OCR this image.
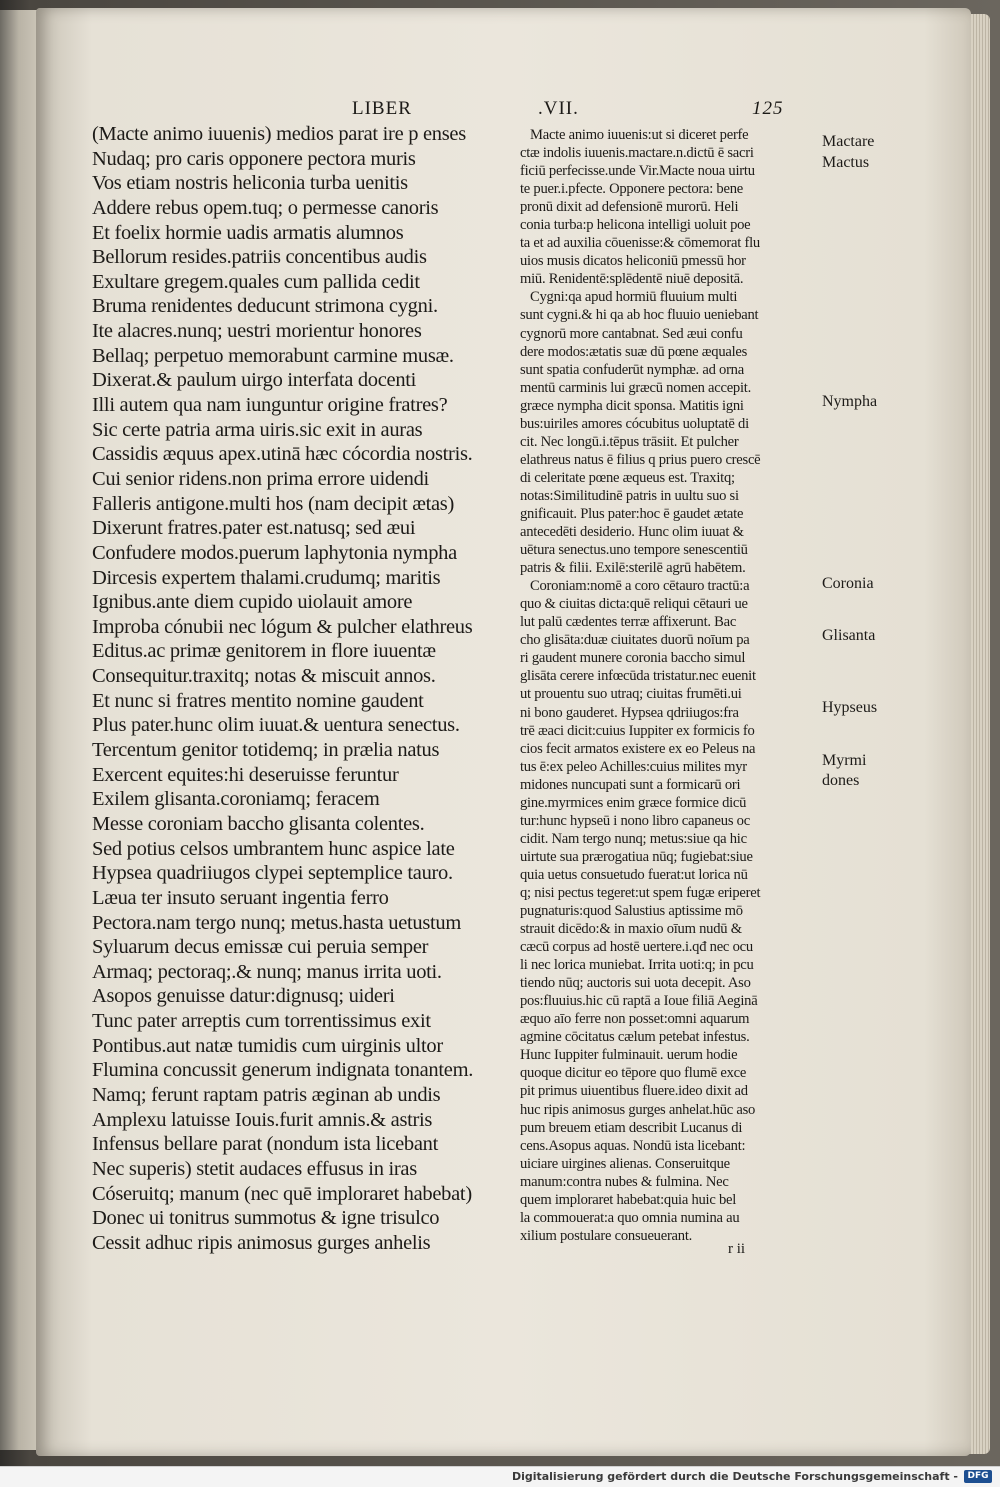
LIBER	.VII.	125
(Macte animo iuuenis) medios parat ire p enses
Nudaq; pro caris opponere pectora muris
Vos etiam nostris heliconia turba uenitis
Addere rebus opem.tuq; o permesse canoris
Et foelix hormie uadis armatis alumnos
Bellorum resides.patriis concentibus audis
Exultare gregem.quales cum pallida cedit
Bruma renidentes deducunt strimona cygni.
Ite alacres.nunq; uestri morientur honores
Bellaq; perpetuo memorabunt carmine musæ.
Dixerat.& paulum uirgo interfata docenti
Illi autem qua nam iunguntur origine fratres?
Sic certe patria arma uiris.sic exit in auras
Cassidis æquus apex.utinā hæc cócordia nostris.
Cui senior ridens.non prima errore uidendi
Falleris antigone.multi hos (nam decipit ætas)
Dixerunt fratres.pater est.natusq; sed æui
Confudere modos.puerum laphytonia nympha
Dircesis expertem thalami.crudumq; maritis
Ignibus.ante diem cupido uiolauit amore
Improba cónubii nec lógum & pulcher elathreus
Editus.ac primæ genitorem in flore iuuentæ
Consequitur.traxitq; notas & miscuit annos.
Et nunc si fratres mentito nomine gaudent
Plus pater.hunc olim iuuat.& uentura senectus.
Tercentum genitor totidemq; in prælia natus
Exercent equites:hi deseruisse feruntur
Exilem glisanta.coroniamq; feracem
Messe coroniam baccho glisanta colentes.
Sed potius celsos umbrantem hunc aspice late
Hypsea quadriiugos clypei septemplice tauro.
Læua ter insuto seruant ingentia ferro
Pectora.nam tergo nunq; metus.hasta uetustum
Syluarum decus emissæ cui peruia semper
Armaq; pectoraq;.& nunq; manus irrita uoti.
Asopos genuisse datur:dignusq; uideri
Tunc pater arreptis cum torrentissimus exit
Pontibus.aut natæ tumidis cum uirginis ultor
Flumina concussit generum indignata tonantem.
Namq; ferunt raptam patris æginan ab undis
Amplexu latuisse Iouis.furit amnis.& astris
Infensus bellare parat (nondum ista licebant
Nec superis) stetit audaces effusus in iras
Cóseruitq; manum (nec quē imploraret habebat)
Donec ui tonitrus summotus & igne trisulco
Cessit adhuc ripis animosus gurges anhelis
Macte animo iuuenis:ut si diceret perfe
ctæ indolis iuuenis.mactare.n.dictū ē sacri
ficiū perfecisse.unde Vir.Macte noua uirtu
te puer.i.pfecte. Opponere pectora: bene
pronū dixit ad defensionē murorū. Heli
conia turba:p helicona intelligi uoluit poe
ta et ad auxilia cōuenisse:& cōmemorat flu
uios musis dicatos heliconiū pmessū hor
miū. Renidentē:splēdentē niuē depositā.
Cygni:qa apud hormiū fluuium multi
sunt cygni.& hi qa ab hoc fluuio ueniebant
cygnorū more cantabnat. Sed æui confu
dere modos:ætatis suæ dū pœne æquales
sunt spatia confuderūt nymphæ. ad orna
mentū carminis lui græcū nomen accepit.
græce nympha dicit sponsa. Matitis igni
bus:uiriles amores cócubitus uoluptatē di
cit. Nec longū.i.tēpus trāsiit. Et pulcher
elathreus natus ē filius q prius puero crescē
di celeritate pœne æqueus est. Traxitq;
notas:Similitudinē patris in uultu suo si
gnificauit. Plus pater:hoc ē gaudet ætate
antecedēti desiderio. Hunc olim iuuat &
uētura senectus.uno tempore senescentiū
patris & filii. Exilē:sterilē agrū habētem.
Coroniam:nomē a coro cētauro tractū:a
quo & ciuitas dicta:quē reliqui cētauri ue
lut palū cædentes terræ affixerunt. Bac
cho glisāta:duæ ciuitates duorū noīum pa
ri gaudent munere coronia baccho simul
glisāta cerere infœcūda tristatur.nec euenit
ut prouentu suo utraq; ciuitas frumēti.ui
ni bono gauderet. Hypsea qdriiugos:fra
trē æaci dicit:cuius Iuppiter ex formicis fo
cios fecit armatos existere ex eo Peleus na
tus ē:ex peleo Achilles:cuius milites myr
midones nuncupati sunt a formicarū ori
gine.myrmices enim græce formice dicū
tur:hunc hypseū i nono libro capaneus oc
cidit. Nam tergo nunq; metus:siue qa hic
uirtute sua prærogatiua nūq; fugiebat:siue
quia uetus consuetudo fuerat:ut lorica nū
q; nisi pectus tegeret:ut spem fugæ eriperet
pugnaturis:quod Salustius aptissime mō
strauit dicēdo:& in maxio oīum nudū &
cæcū corpus ad hostē uertere.i.qđ nec ocu
li nec lorica muniebat. Irrita uoti:q; in pcu
tiendo nūq; auctoris sui uota decepit. Aso
pos:fluuius.hic cū raptā a Ioue filiā Aeginā
æquo aīo ferre non posset:omni aquarum
agmine cōcitatus cælum petebat infestus.
Hunc Iuppiter fulminauit. uerum hodie
quoque dicitur eo tēpore quo flumē exce
pit primus uiuentibus fluere.ideo dixit ad
huc ripis animosus gurges anhelat.hūc aso
pum breuem etiam describit Lucanus di
cens.Asopus aquas. Nondū ista licebant:
uiciare uirgines alienas. Conseruitque
manum:contra nubes & fulmina. Nec
quem imploraret habebat:quia huic bel
la commouerat:a quo omnia numina au
xilium postulare consueuerant.
Mactare
Mactus
Nympha
Coronia
Glisanta
Hypseus
Myrmi
dones
r ii
Digitalisierung gefördert durch die Deutsche Forschungsgemeinschaft -	DFG
